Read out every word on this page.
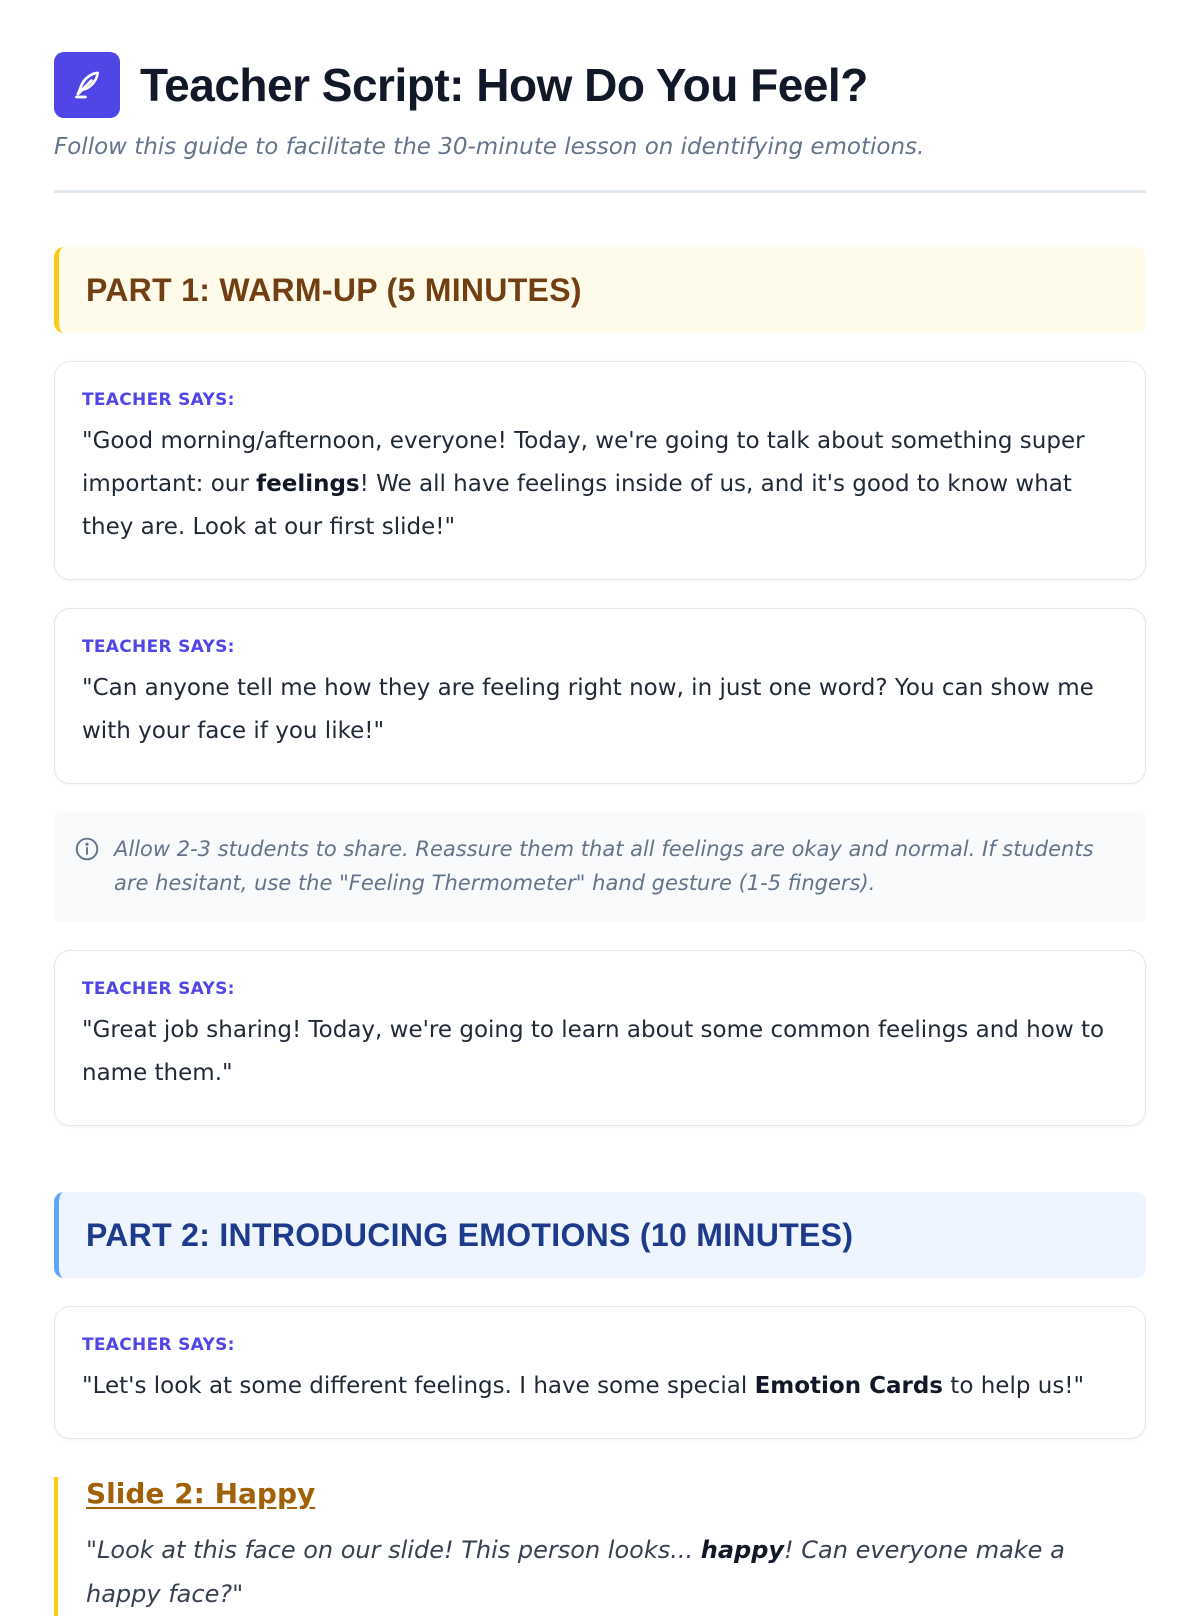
Teacher Script: How Do You Feel?

Follow this guide to facilitate the 30-minute lesson on identifying emotions.

PART 1: WARM-UP (5 MINUTES)
TEACHER SAYS:
"Good morning/afternoon, everyone! Today, we're going to talk about something super important: our feelings! We all have feelings inside of us, and it's good to know what they are. Look at our first slide!"
TEACHER SAYS:
"Can anyone tell me how they are feeling right now, in just one word? You can show me with your face if you like!"
Allow 2-3 students to share. Reassure them that all feelings are okay and normal. If students are hesitant, use the "Feeling Thermometer" hand gesture (1-5 fingers).
TEACHER SAYS:
"Great job sharing! Today, we're going to learn about some common feelings and how to name them."
PART 2: INTRODUCING EMOTIONS (10 MINUTES)
TEACHER SAYS:
"Let's look at some different feelings. I have some special Emotion Cards to help us!"
Slide 2: Happy
"Look at this face on our slide! This person looks... happy! Can everyone make a happy face?"
